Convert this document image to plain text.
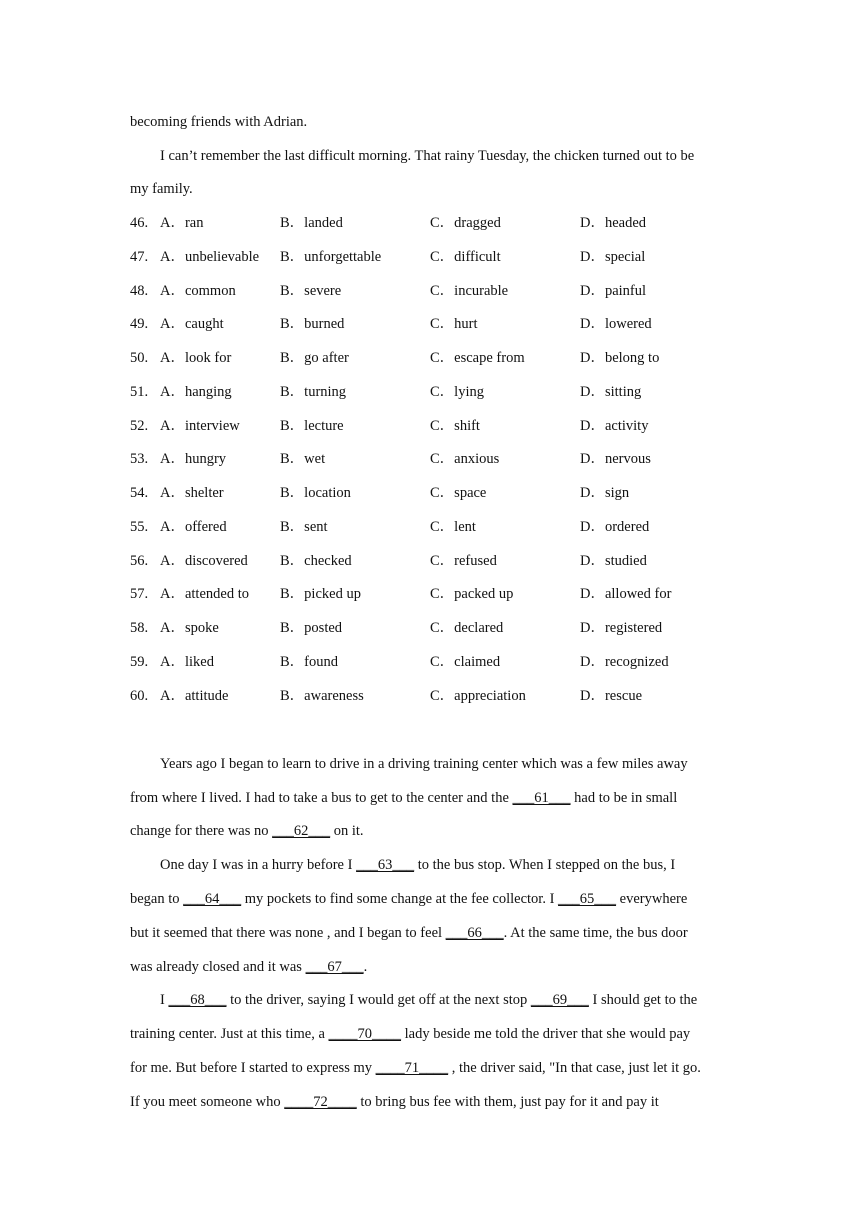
becoming friends with Adrian.
I can’t remember the last difficult morning. That rainy Tuesday, the chicken turned out to be
my family.
46. A．ran	B．landed	C．dragged	D．headed
47. A．unbelievable B．unforgettable	C．difficult	D．special
48. A．common	B．severe	C．incurable	D．painful
49. A．caught	B．burned	C．hurt	D．lowered
50. A．look for	B．go after	C．escape from	D．belong to
51. A．hanging	B．turning	C．lying	D．sitting
52. A．interview	B．lecture	C．shift	D．activity
53. A．hungry	B．wet	C．anxious	D．nervous
54. A．shelter	B．location	C．space	D．sign
55. A．offered	B．sent	C．lent	D．ordered
56. A．discovered B．checked	C．refused	D．studied
57. A．attended to B．picked up	C．packed up	D．allowed for
58. A．spoke	B．posted	C．declared	D．registered
59. A．liked	B．found	C．claimed	D．recognized
60. A．attitude	B．awareness	C．appreciation	D．rescue
Years ago I began to learn to drive in a driving training center which was a few miles away
from where I lived. I had to take a bus to get to the center and the ___61___ had to be in small
change for there was no ___62___ on it.
One day I was in a hurry before I ___63___ to the bus stop. When I stepped on the bus, I
began to ___64___ my pockets to find some change at the fee collector. I ___65___ everywhere
but it seemed that there was none , and I began to feel ___66___. At the same time, the bus door
was already closed and it was ___67___.
I ___68___ to the driver, saying I would get off at the next stop ___69___ I should get to the
training center. Just at this time, a ____70____ lady beside me told the driver that she would pay
for me. But before I started to express my ____71____ , the driver said, "In that case, just let it go.
If you meet someone who ____72____ to bring bus fee with them, just pay for it and pay it
